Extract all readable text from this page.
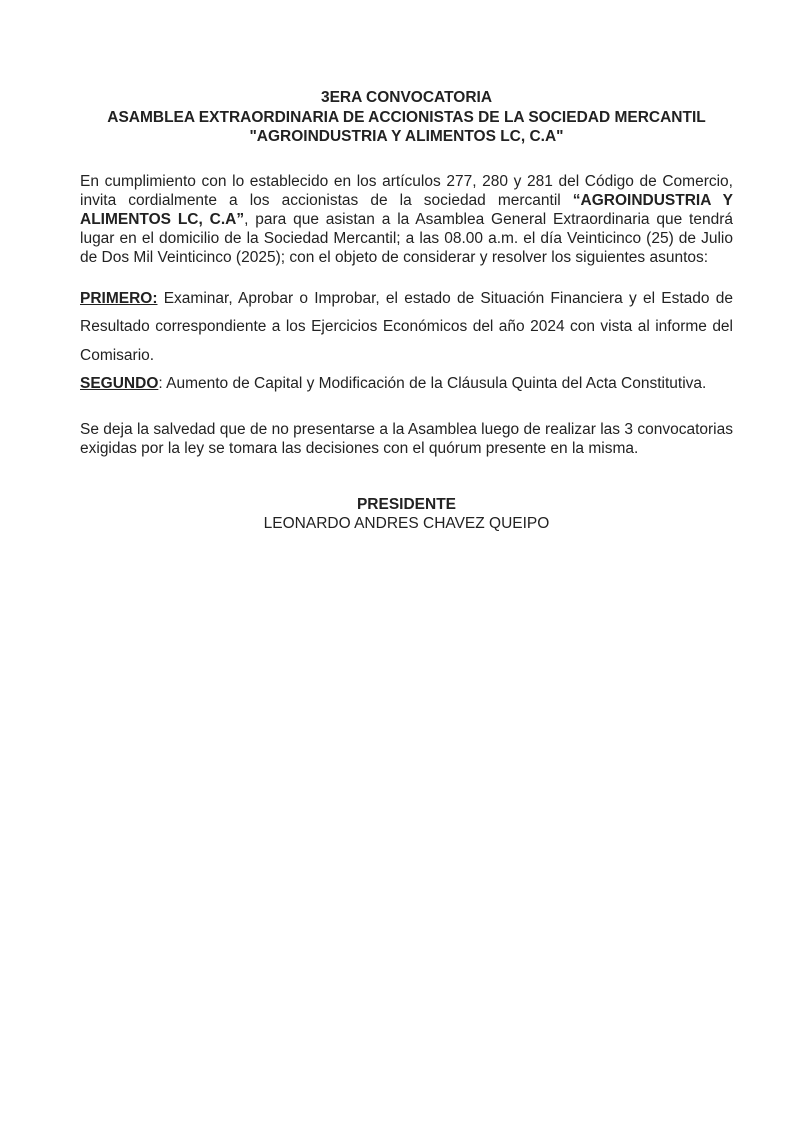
3ERA CONVOCATORIA
ASAMBLEA EXTRAORDINARIA DE ACCIONISTAS DE LA SOCIEDAD MERCANTIL
"AGROINDUSTRIA Y ALIMENTOS LC, C.A"

En cumplimiento con lo establecido en los artículos 277, 280 y 281 del Código de Comercio, invita cordialmente a los accionistas de la sociedad mercantil “AGROINDUSTRIA Y ALIMENTOS LC, C.A”, para que asistan a la Asamblea General Extraordinaria que tendrá lugar en el domicilio de la Sociedad Mercantil; a las 08.00 a.m. el día Veinticinco (25) de Julio de Dos Mil Veinticinco (2025); con el objeto de considerar y resolver los siguientes asuntos:

PRIMERO: Examinar, Aprobar o Improbar, el estado de Situación Financiera y el Estado de Resultado correspondiente a los Ejercicios Económicos del año 2024 con vista al informe del Comisario.

SEGUNDO: Aumento de Capital y Modificación de la Cláusula Quinta del Acta Constitutiva.

Se deja la salvedad que de no presentarse a la Asamblea luego de realizar las 3 convocatorias exigidas por la ley se tomara las decisiones con el quórum presente en la misma.

PRESIDENTE
LEONARDO ANDRES CHAVEZ QUEIPO
